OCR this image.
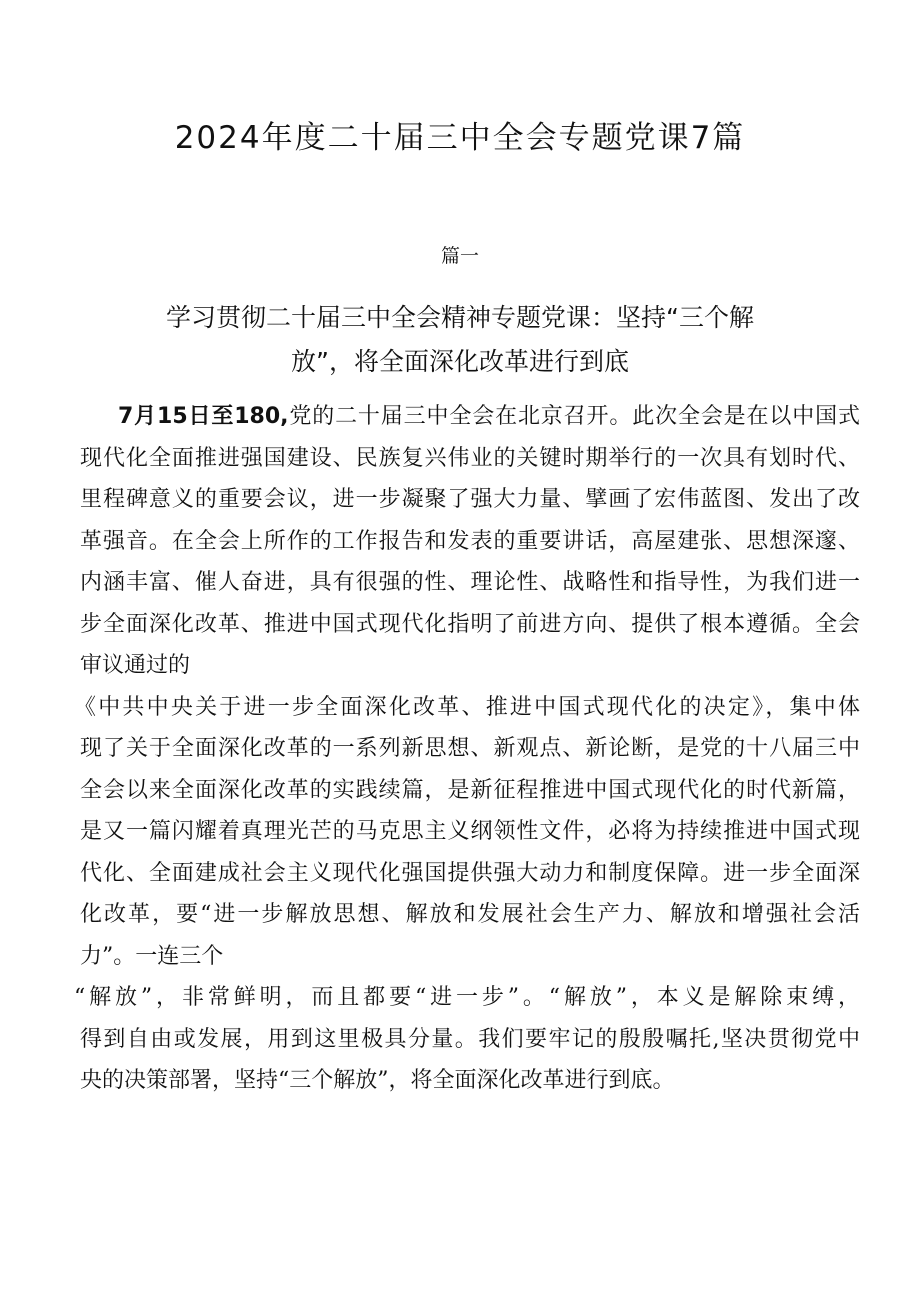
2024年度二十届三中全会专题党课7篇
篇一
学习贯彻二十届三中全会精神专题党课：坚持“三个解
放”，将全面深化改革进行到底
7月15日至180,党的二十届三中全会在北京召开。此次全会是在以中国式
现代化全面推进强国建设、民族复兴伟业的关键时期举行的一次具有划时代、
里程碑意义的重要会议，进一步凝聚了强大力量、擘画了宏伟蓝图、发出了改
革强音。在全会上所作的工作报告和发表的重要讲话，高屋建张、思想深邃、
内涵丰富、催人奋进，具有很强的性、理论性、战略性和指导性，为我们进一
步全面深化改革、推进中国式现代化指明了前进方向、提供了根本遵循。全会
审议通过的
《中共中央关于进一步全面深化改革、推进中国式现代化的决定》，集中体
现了关于全面深化改革的一系列新思想、新观点、新论断，是党的十八届三中
全会以来全面深化改革的实践续篇，是新征程推进中国式现代化的时代新篇，
是又一篇闪耀着真理光芒的马克思主义纲领性文件，必将为持续推进中国式现
代化、全面建成社会主义现代化强国提供强大动力和制度保障。进一步全面深
化改革，要“进一步解放思想、解放和发展社会生产力、解放和增强社会活
力”。一连三个
“解放”，非常鲜明，而且都要“进一步”。“解放”，本义是解除束缚，
得到自由或发展，用到这里极具分量。我们要牢记的殷殷嘱托,坚决贯彻党中
央的决策部署，坚持“三个解放”，将全面深化改革进行到底。
